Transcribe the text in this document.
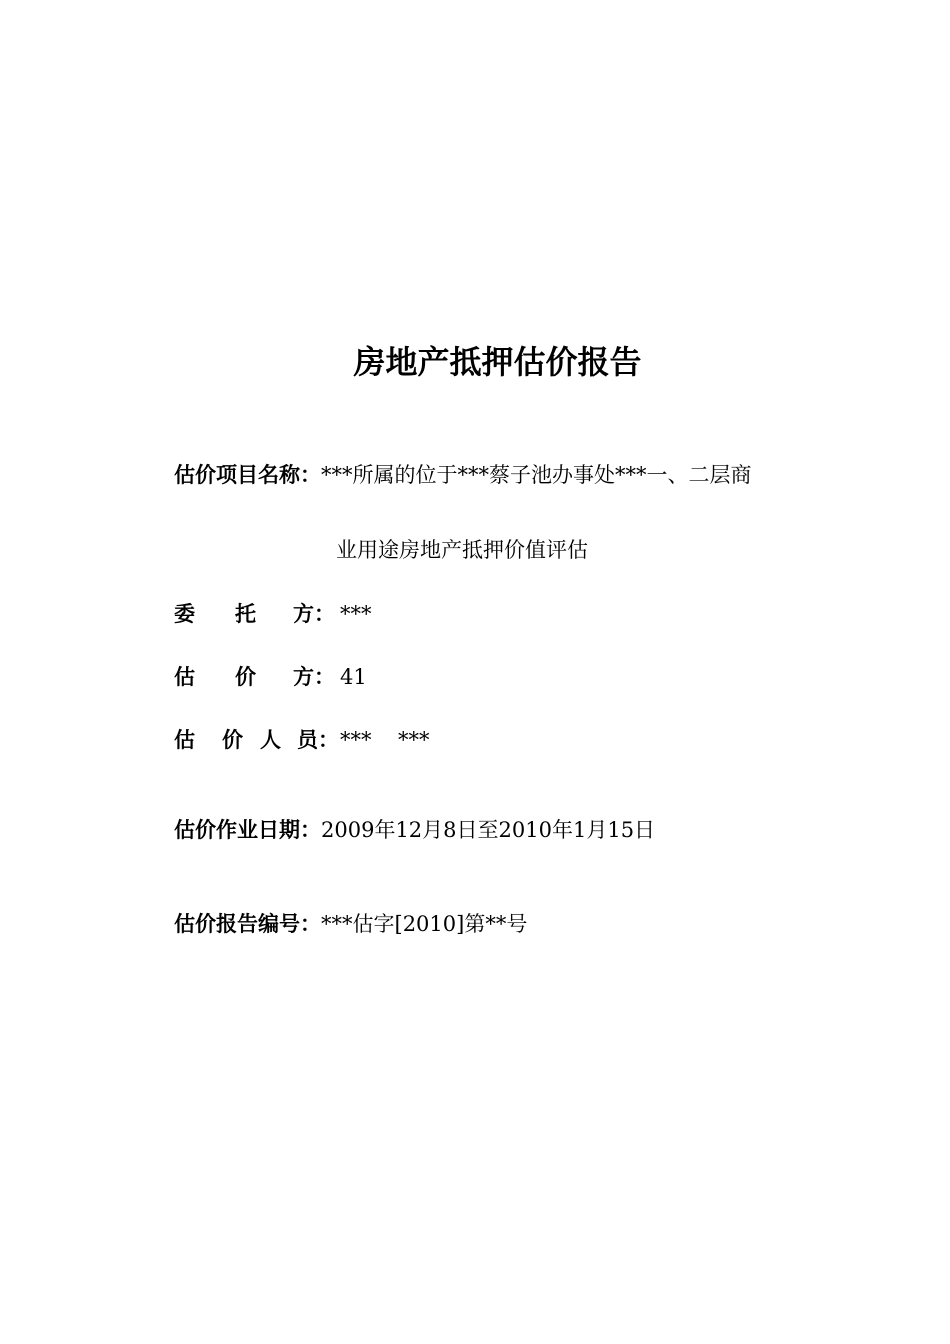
房地产抵押估价报告
估价项目名称：***所属的位于***蔡子池办事处***一、二层商
业用途房地产抵押价值评估
委 托 方： ***
估 价 方： 41
估 价 人 员：*** ***
估价作业日期：2009年12月8日至2010年1月15日
估价报告编号：***估字[2010]第**号
